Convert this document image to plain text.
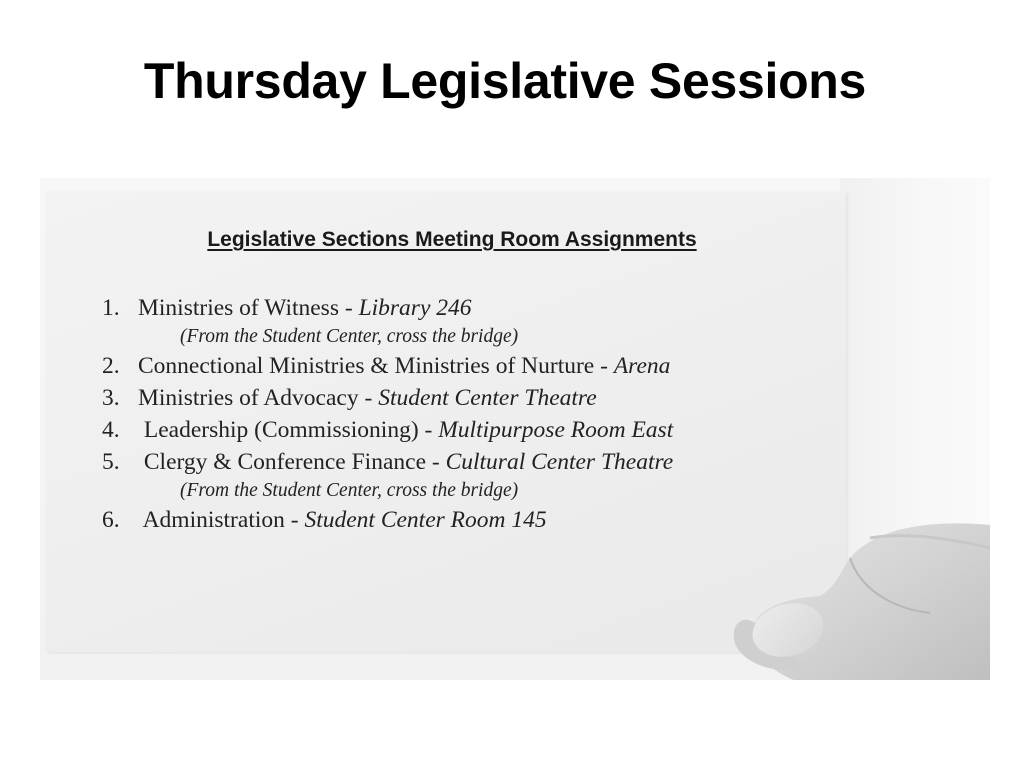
Thursday Legislative Sessions
Legislative Sections Meeting Room Assignments
1. Ministries of Witness - Library 246
(From the Student Center, cross the bridge)
2. Connectional Ministries & Ministries of Nurture - Arena
3. Ministries of Advocacy - Student Center Theatre
4. Leadership (Commissioning) - Multipurpose Room East
5. Clergy & Conference Finance - Cultural Center Theatre
(From the Student Center, cross the bridge)
6. Administration - Student Center Room 145
